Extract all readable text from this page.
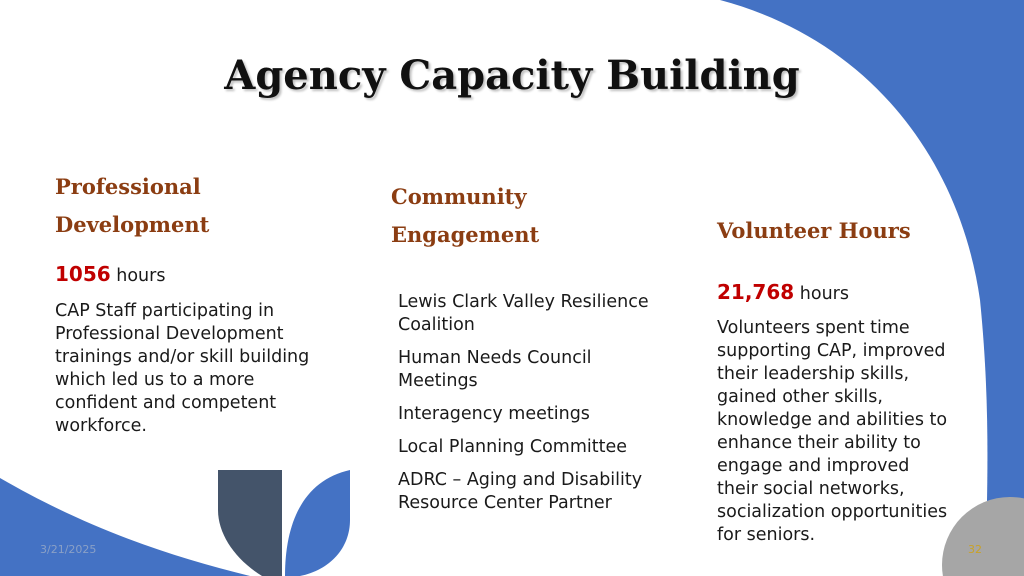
Agency Capacity Building
Professional
Development
1056 hours
CAP Staff participating in Professional Development trainings and/or skill building which led us to a more confident and competent workforce.
Community
Engagement
Lewis Clark Valley Resilience Coalition
Human Needs Council Meetings
Interagency meetings
Local Planning Committee
ADRC – Aging and Disability Resource Center Partner
Volunteer Hours
21,768 hours
Volunteers spent time supporting CAP, improved their leadership skills, gained other skills, knowledge and abilities to enhance their ability to engage and improved their social networks, socialization opportunities for seniors.
3/21/2025	32
